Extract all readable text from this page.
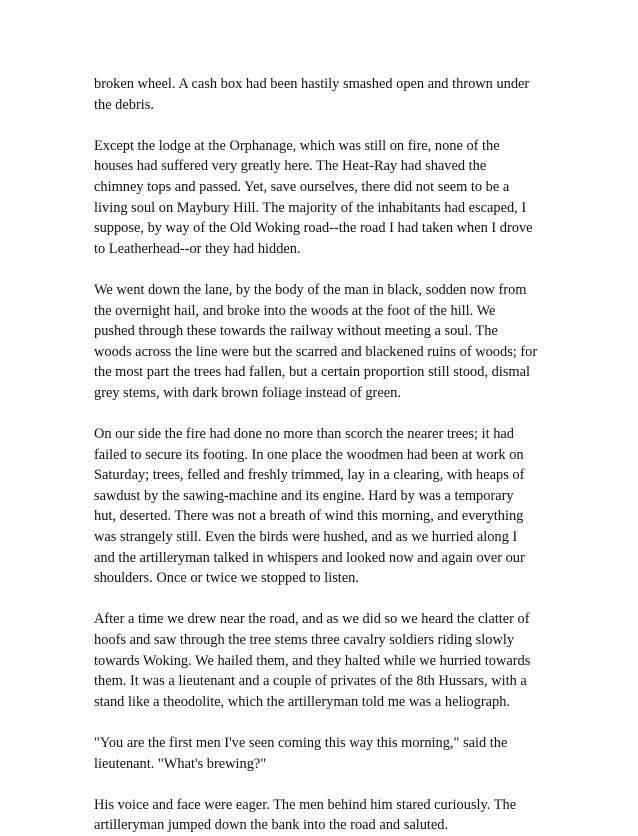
broken wheel. A cash box had been hastily smashed open and thrown under
the debris.

Except the lodge at the Orphanage, which was still on fire, none of the
houses had suffered very greatly here. The Heat-Ray had shaved the
chimney tops and passed. Yet, save ourselves, there did not seem to be a
living soul on Maybury Hill. The majority of the inhabitants had escaped, I
suppose, by way of the Old Woking road--the road I had taken when I drove
to Leatherhead--or they had hidden.

We went down the lane, by the body of the man in black, sodden now from
the overnight hail, and broke into the woods at the foot of the hill. We
pushed through these towards the railway without meeting a soul. The
woods across the line were but the scarred and blackened ruins of woods; for
the most part the trees had fallen, but a certain proportion still stood, dismal
grey stems, with dark brown foliage instead of green.

On our side the fire had done no more than scorch the nearer trees; it had
failed to secure its footing. In one place the woodmen had been at work on
Saturday; trees, felled and freshly trimmed, lay in a clearing, with heaps of
sawdust by the sawing-machine and its engine. Hard by was a temporary
hut, deserted. There was not a breath of wind this morning, and everything
was strangely still. Even the birds were hushed, and as we hurried along I
and the artilleryman talked in whispers and looked now and again over our
shoulders. Once or twice we stopped to listen.

After a time we drew near the road, and as we did so we heard the clatter of
hoofs and saw through the tree stems three cavalry soldiers riding slowly
towards Woking. We hailed them, and they halted while we hurried towards
them. It was a lieutenant and a couple of privates of the 8th Hussars, with a
stand like a theodolite, which the artilleryman told me was a heliograph.

"You are the first men I've seen coming this way this morning," said the
lieutenant. "What's brewing?"

His voice and face were eager. The men behind him stared curiously. The
artilleryman jumped down the bank into the road and saluted.
